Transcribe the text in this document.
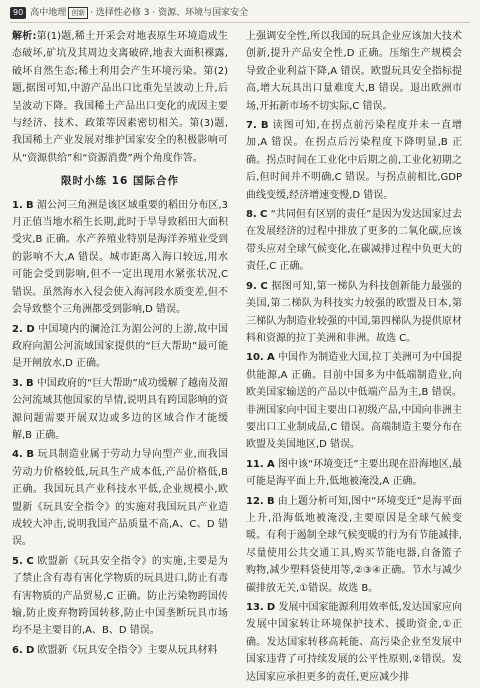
90 高中地理 创新 · 选择性必修 3 · 资源、环境与国家安全

解析:第(1)题,稀土开采会对地表原生环境造成生态破坏,矿坑及其周边支离破碎,地表大面积裸露,破坏自然生态;稀土利用会产生环境污染。第(2)题,据图可知,中游产品出口比重先呈波动上升,后呈波动下降。我国稀土产品出口变化的成因主要与经济、技术、政策等因素密切相关。第(3)题,我国稀土产业发展对维护国家安全的积极影响可从“资源供给”和“资源消费”两个角度作答。

限时小练 16 国际合作

1. B 湄公河三角洲是该区域重要的稻田分布区,3 月正值当地水稻生长期,此时于旱导致稻田大面积受灾,B 正确。水产养殖业特别是海洋养殖业受到的影响不大,A 错误。城市距离入海口较远,用水可能会受到影响,但不一定出现用水紧张状况,C 错误。虽然海水入侵会使入海河段水质变差,但不会导致整个三角洲都受到影响,D 错误。

2. D 中国境内的澜沧江为湄公河的上游,故中国政府向湄公河流域国家提供的“巨大帮助”最可能是开闸放水,D 正确。

3. B 中国政府的“巨大帮助”成功缓解了越南及湄公河流域其他国家的旱情,说明具有跨国影响的资源问题需要开展双边或多边的区域合作才能缓解,B 正确。

4. B 玩具制造业属于劳动力导向型产业,而我国劳动力价格较低,玩具生产成本低,产品价格低,B 正确。我国玩具产业科技水平低,企业规模小,欧盟新《玩具安全指令》的实施对我国玩具产业造成较大冲击,说明我国产品质量不高,A、C、D 错误。

5. C 欧盟新《玩具安全指令》的实施,主要是为了禁止含有毒有害化学物质的玩具进口,防止有毒有害物质的产品贸易,C 正确。防止污染物跨国传输,防止废弃物跨国转移,防止中国垄断玩具市场均不是主要目的,A、B、D 错误。

6. D 欧盟新《玩具安全指令》主要从玩具材料

上强调安全性,所以我国的玩具企业应该加大技术创新,提升产品安全性,D 正确。压缩生产规模会导致企业利益下降,A 错误。欧盟玩具安全指标提高,增大玩具出口量难度大,B 错误。退出欧洲市场,开拓新市场不切实际,C 错误。

7. B 读图可知,在拐点前污染程度并未一直增加,A 错误。在拐点后污染程度下降明显,B 正确。拐点时间在工业化中后期之前,工业化初期之后,但时间并不明确,C 错误。与拐点前相比,GDP 曲线变缓,经济增速变慢,D 错误。

8. C “共同但有区别的责任”是因为发达国家过去在发展经济的过程中排放了更多的二氧化碳,应该带头应对全球气候变化,在碳减排过程中负更大的责任,C 正确。

9. C 据图可知,第一梯队为科技创新能力最强的美国,第二梯队为科技实力较强的欧盟及日本,第三梯队为制造业较强的中国,第四梯队为提供原材料和资源的拉丁美洲和非洲。故选 C。

10. A 中国作为制造业大国,拉丁美洲可为中国提供能源,A 正确。目前中国多为中低端制造业,向欧美国家输送的产品以中低端产品为主,B 错误。非洲国家向中国主要出口初级产品,中国向非洲主要出口工业制成品,C 错误。高端制造主要分布在欧盟及美国地区,D 错误。

11. A 图中该“环境变迁”主要出现在沿海地区,最可能是海平面上升,低地被淹没,A 正确。

12. B 由上题分析可知,图中“环境变迁”是海平面上升,沿海低地被淹没,主要原因是全球气候变暖。有利于遏制全球气候变暖的行为有节能减排,尽量使用公共交通工具,购买节能电器,自备篮子购物,减少塑料袋使用等,②③④正确。节水与减少碳排放无关,①错误。故选 B。

13. D 发展中国家能源利用效率低,发达国家应向发展中国家转让环境保护技术、援助资金,①正确。发达国家转移高耗能、高污染企业至发展中国家违背了可持续发展的公平性原则,②错误。发达国家应承担更多的责任,更应减少排
